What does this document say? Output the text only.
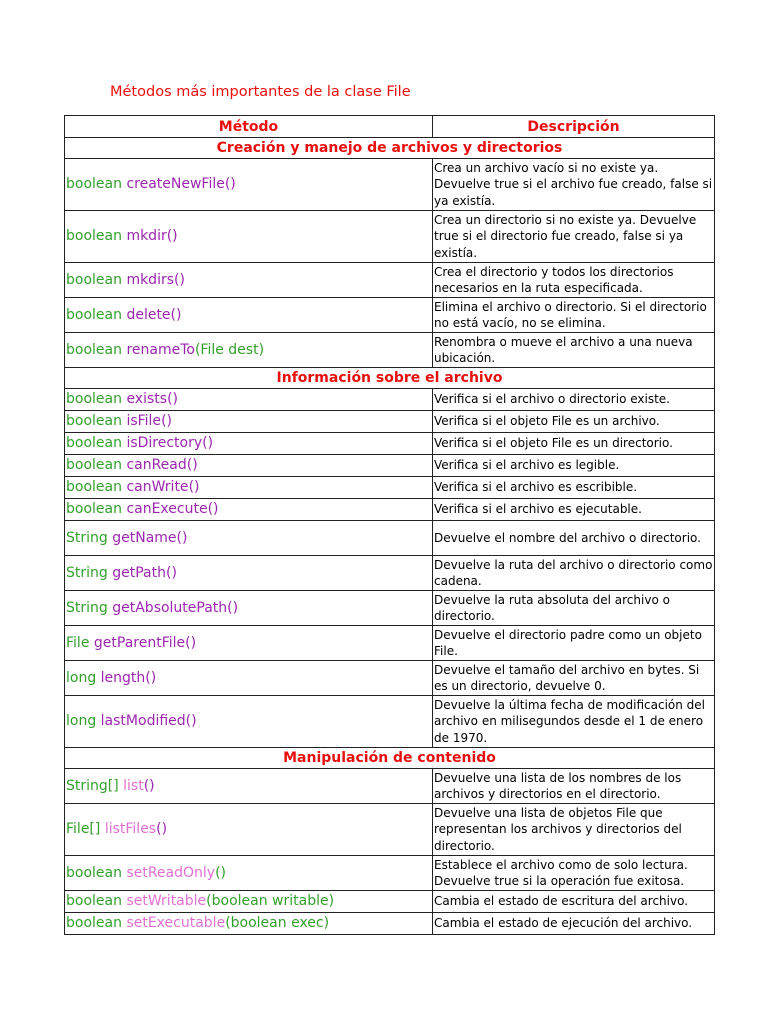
Métodos más importantes de la clase File
Método	Descripción
Creación y manejo de archivos y directorios	
boolean createNewFile()	Crea un archivo vacío si no existe ya. Devuelve true si el archivo fue creado, false si ya existía.
boolean mkdir()	Crea un directorio si no existe ya. Devuelve true si el directorio fue creado, false si ya existía.
boolean mkdirs()	Crea el directorio y todos los directorios necesarios en la ruta especificada.
boolean delete()	Elimina el archivo o directorio. Si el directorio no está vacío, no se elimina.
boolean renameTo(File dest)	Renombra o mueve el archivo a una nueva ubicación.
Información sobre el archivo	
boolean exists()	Verifica si el archivo o directorio existe.
boolean isFile()	Verifica si el objeto File es un archivo.
boolean isDirectory()	Verifica si el objeto File es un directorio.
boolean canRead()	Verifica si el archivo es legible.
boolean canWrite()	Verifica si el archivo es escribible.
boolean canExecute()	Verifica si el archivo es ejecutable.
String getName()	Devuelve el nombre del archivo o directorio.
String getPath()	Devuelve la ruta del archivo o directorio como cadena.
String getAbsolutePath()	Devuelve la ruta absoluta del archivo o directorio.
File getParentFile()	Devuelve el directorio padre como un objeto File.
long length()	Devuelve el tamaño del archivo en bytes. Si es un directorio, devuelve 0.
long lastModified()	Devuelve la última fecha de modificación del archivo en milisegundos desde el 1 de enero de 1970.
Manipulación de contenido	
String[] list()	Devuelve una lista de los nombres de los archivos y directorios en el directorio.
File[] listFiles()	Devuelve una lista de objetos File que representan los archivos y directorios del directorio.
boolean setReadOnly()	Establece el archivo como de solo lectura. Devuelve true si la operación fue exitosa.
boolean setWritable(boolean writable)	Cambia el estado de escritura del archivo.
boolean setExecutable(boolean exec)	Cambia el estado de ejecución del archivo.
